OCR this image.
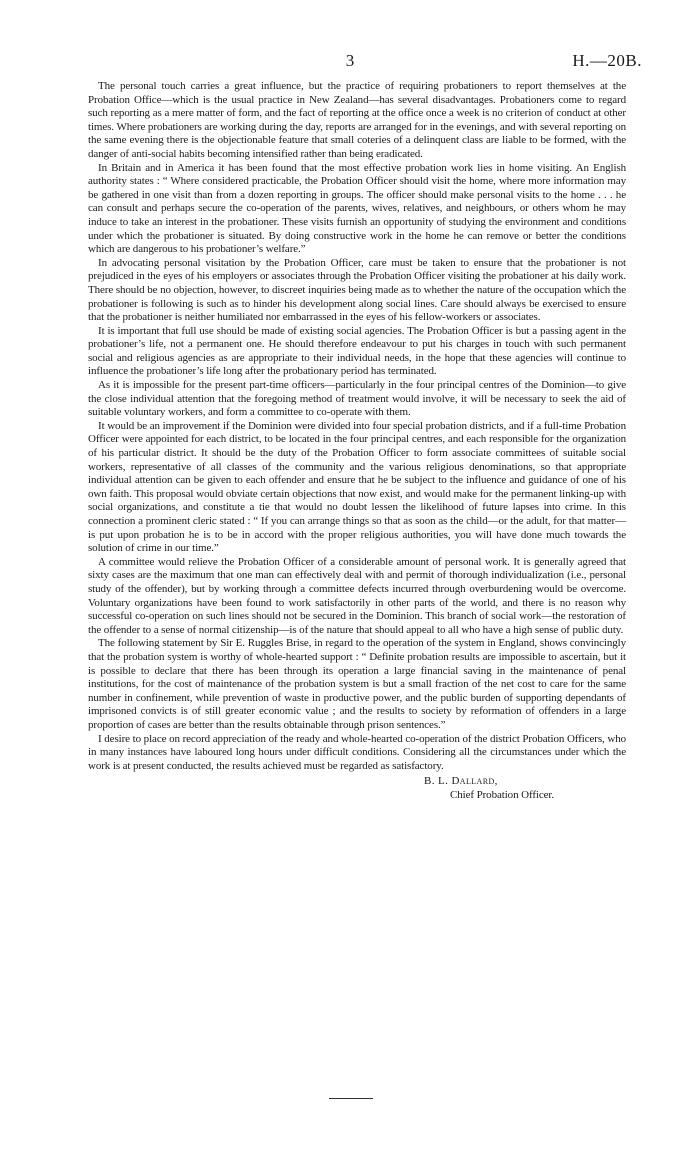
3	H.—20B.

The personal touch carries a great influence, but the practice of requiring probationers to report themselves at the Probation Office—which is the usual practice in New Zealand—has several disadvantages. Probationers come to regard such reporting as a mere matter of form, and the fact of reporting at the office once a week is no criterion of conduct at other times. Where probationers are working during the day, reports are arranged for in the evenings, and with several reporting on the same evening there is the objectionable feature that small coteries of a delinquent class are liable to be formed, with the danger of anti-social habits becoming intensified rather than being eradicated.

In Britain and in America it has been found that the most effective probation work lies in home visiting. An English authority states : “ Where considered practicable, the Probation Officer should visit the home, where more information may be gathered in one visit than from a dozen reporting in groups. The officer should make personal visits to the home . . . he can consult and perhaps secure the co-operation of the parents, wives, relatives, and neighbours, or others whom he may induce to take an interest in the probationer. These visits furnish an opportunity of studying the environment and conditions under which the probationer is situated. By doing constructive work in the home he can remove or better the conditions which are dangerous to his probationer’s welfare.”

In advocating personal visitation by the Probation Officer, care must be taken to ensure that the probationer is not prejudiced in the eyes of his employers or associates through the Probation Officer visiting the probationer at his daily work. There should be no objection, however, to discreet inquiries being made as to whether the nature of the occupation which the probationer is following is such as to hinder his development along social lines. Care should always be exercised to ensure that the probationer is neither humiliated nor embarrassed in the eyes of his fellow-workers or associates.

It is important that full use should be made of existing social agencies. The Probation Officer is but a passing agent in the probationer’s life, not a permanent one. He should therefore endeavour to put his charges in touch with such permanent social and religious agencies as are appropriate to their individual needs, in the hope that these agencies will continue to influence the probationer’s life long after the probationary period has terminated.

As it is impossible for the present part-time officers—particularly in the four principal centres of the Dominion—to give the close individual attention that the foregoing method of treatment would involve, it will be necessary to seek the aid of suitable voluntary workers, and form a committee to co-operate with them.

It would be an improvement if the Dominion were divided into four special probation districts, and if a full-time Probation Officer were appointed for each district, to be located in the four principal centres, and each responsible for the organization of his particular district. It should be the duty of the Probation Officer to form associate committees of suitable social workers, representative of all classes of the community and the various religious denominations, so that appropriate individual attention can be given to each offender and ensure that he be subject to the influence and guidance of one of his own faith. This proposal would obviate certain objections that now exist, and would make for the permanent linking-up with social organizations, and constitute a tie that would no doubt lessen the likelihood of future lapses into crime. In this connection a prominent cleric stated : “ If you can arrange things so that as soon as the child—or the adult, for that matter—is put upon probation he is to be in accord with the proper religious authorities, you will have done much towards the solution of crime in our time.”

A committee would relieve the Probation Officer of a considerable amount of personal work. It is generally agreed that sixty cases are the maximum that one man can effectively deal with and permit of thorough individualization (i.e., personal study of the offender), but by working through a committee defects incurred through overburdening would be overcome. Voluntary organizations have been found to work satisfactorily in other parts of the world, and there is no reason why successful co-operation on such lines should not be secured in the Dominion. This branch of social work—the restoration of the offender to a sense of normal citizenship—is of the nature that should appeal to all who have a high sense of public duty.

The following statement by Sir E. Ruggles Brise, in regard to the operation of the system in England, shows convincingly that the probation system is worthy of whole-hearted support : “ Definite probation results are impossible to ascertain, but it is possible to declare that there has been through its operation a large financial saving in the maintenance of penal institutions, for the cost of maintenance of the probation system is but a small fraction of the net cost to care for the same number in confinement, while prevention of waste in productive power, and the public burden of supporting dependants of imprisoned convicts is of still greater economic value ; and the results to society by reformation of offenders in a large proportion of cases are better than the results obtainable through prison sentences.”

I desire to place on record appreciation of the ready and whole-hearted co-operation of the district Probation Officers, who in many instances have laboured long hours under difficult conditions. Considering all the circumstances under which the work is at present conducted, the results achieved must be regarded as satisfactory.

B. L. Dallard,
Chief Probation Officer.
